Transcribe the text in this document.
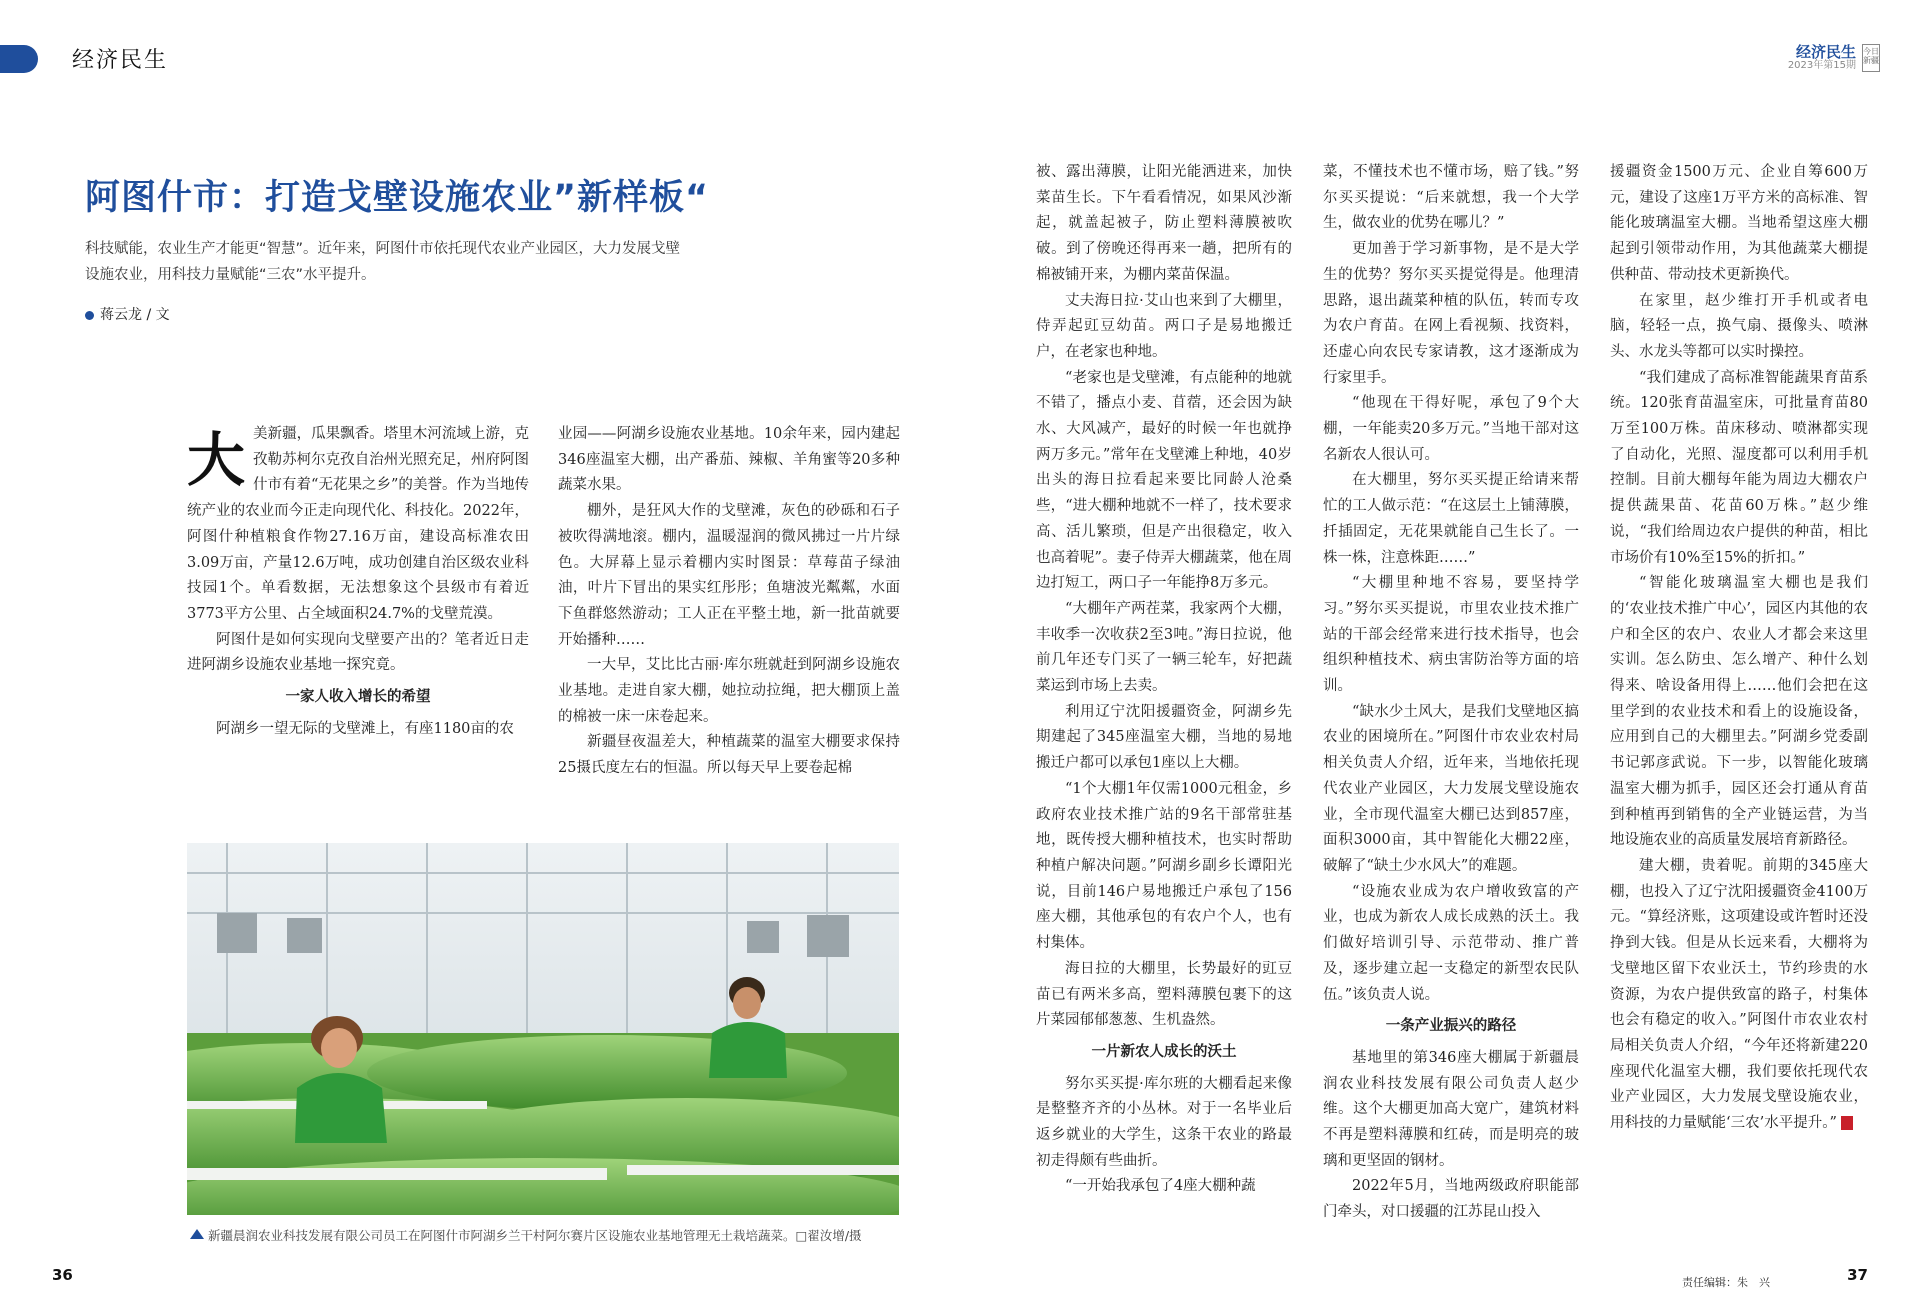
经济民生	经济民生
2023年第15期
今日新疆
阿图什市：打造戈壁设施农业”新样板“
科技赋能，农业生产才能更“智慧”。近年来，阿图什市依托现代农业产业园区，大力发展戈壁设施农业，用科技力量赋能“三农”水平提升。
蒋云龙 / 文

大美新疆，瓜果飘香。塔里木河流域上游，克孜勒苏柯尔克孜自治州光照充足，州府阿图什市有着“无花果之乡”的美誉。作为当地传统产业的农业而今正走向现代化、科技化。2022年，阿图什种植粮食作物27.16万亩，建设高标准农田3.09万亩，产量12.6万吨，成功创建自治区级农业科技园1个。单看数据，无法想象这个县级市有着近3773平方公里、占全域面积24.7%的戈壁荒漠。

阿图什是如何实现向戈壁要产出的？笔者近日走进阿湖乡设施农业基地一探究竟。

一家人收入增长的希望

阿湖乡一望无际的戈壁滩上，有座1180亩的农

业园——阿湖乡设施农业基地。10余年来，园内建起346座温室大棚，出产番茄、辣椒、羊角蜜等20多种蔬菜水果。

棚外，是狂风大作的戈壁滩，灰色的砂砾和石子被吹得满地滚。棚内，温暖湿润的微风拂过一片片绿色。大屏幕上显示着棚内实时图景：草莓苗子绿油油，叶片下冒出的果实红彤彤；鱼塘波光粼粼，水面下鱼群悠然游动；工人正在平整土地，新一批苗就要开始播种……

一大早，艾比比古丽·库尔班就赶到阿湖乡设施农业基地。走进自家大棚，她拉动拉绳，把大棚顶上盖的棉被一床一床卷起来。

新疆昼夜温差大，种植蔬菜的温室大棚要求保持25摄氏度左右的恒温。所以每天早上要卷起棉

新疆晨润农业科技发展有限公司员工在阿图什市阿湖乡兰干村阿尔赛片区设施农业基地管理无土栽培蔬菜。□翟汝增/摄

被、露出薄膜，让阳光能洒进来，加快菜苗生长。下午看看情况，如果风沙渐起，就盖起被子，防止塑料薄膜被吹破。到了傍晚还得再来一趟，把所有的棉被铺开来，为棚内菜苗保温。

丈夫海日拉·艾山也来到了大棚里，侍弄起豇豆幼苗。两口子是易地搬迁户，在老家也种地。

“老家也是戈壁滩，有点能种的地就不错了，播点小麦、苜蓿，还会因为缺水、大风减产，最好的时候一年也就挣两万多元。”常年在戈壁滩上种地，40岁出头的海日拉看起来要比同龄人沧桑些，“进大棚种地就不一样了，技术要求高、活儿繁琐，但是产出很稳定，收入也高着呢”。妻子侍弄大棚蔬菜，他在周边打短工，两口子一年能挣8万多元。

“大棚年产两茬菜，我家两个大棚，丰收季一次收获2至3吨。”海日拉说，他前几年还专门买了一辆三轮车，好把蔬菜运到市场上去卖。

利用辽宁沈阳援疆资金，阿湖乡先期建起了345座温室大棚，当地的易地搬迁户都可以承包1座以上大棚。

“1个大棚1年仅需1000元租金，乡政府农业技术推广站的9名干部常驻基地，既传授大棚种植技术，也实时帮助种植户解决问题。”阿湖乡副乡长谭阳光说，目前146户易地搬迁户承包了156座大棚，其他承包的有农户个人，也有村集体。

海日拉的大棚里，长势最好的豇豆苗已有两米多高，塑料薄膜包裹下的这片菜园郁郁葱葱、生机盎然。

一片新农人成长的沃土

努尔买买提·库尔班的大棚看起来像是整整齐齐的小丛林。对于一名毕业后返乡就业的大学生，这条干农业的路最初走得颇有些曲折。

“一开始我承包了4座大棚种蔬

菜，不懂技术也不懂市场，赔了钱。”努尔买买提说：“后来就想，我一个大学生，做农业的优势在哪儿？”

更加善于学习新事物，是不是大学生的优势？努尔买买提觉得是。他理清思路，退出蔬菜种植的队伍，转而专攻为农户育苗。在网上看视频、找资料，还虚心向农民专家请教，这才逐渐成为行家里手。

“他现在干得好呢，承包了9个大棚，一年能卖20多万元。”当地干部对这名新农人很认可。

在大棚里，努尔买买提正给请来帮忙的工人做示范：“在这层土上铺薄膜，扦插固定，无花果就能自己生长了。一株一株，注意株距……”

“大棚里种地不容易，要坚持学习。”努尔买买提说，市里农业技术推广站的干部会经常来进行技术指导，也会组织种植技术、病虫害防治等方面的培训。

“缺水少土风大，是我们戈壁地区搞农业的困境所在。”阿图什市农业农村局相关负责人介绍，近年来，当地依托现代农业产业园区，大力发展戈壁设施农业，全市现代温室大棚已达到857座，面积3000亩，其中智能化大棚22座，破解了“缺土少水风大”的难题。

“设施农业成为农户增收致富的产业，也成为新农人成长成熟的沃土。我们做好培训引导、示范带动、推广普及，逐步建立起一支稳定的新型农民队伍。”该负责人说。

一条产业振兴的路径

基地里的第346座大棚属于新疆晨润农业科技发展有限公司负责人赵少维。这个大棚更加高大宽广，建筑材料不再是塑料薄膜和红砖，而是明亮的玻璃和更坚固的钢材。

2022年5月，当地两级政府职能部门牵头，对口援疆的江苏昆山投入

援疆资金1500万元、企业自筹600万元，建设了这座1万平方米的高标准、智能化玻璃温室大棚。当地希望这座大棚起到引领带动作用，为其他蔬菜大棚提供种苗、带动技术更新换代。

在家里，赵少维打开手机或者电脑，轻轻一点，换气扇、摄像头、喷淋头、水龙头等都可以实时操控。

“我们建成了高标准智能蔬果育苗系统。120张育苗温室床，可批量育苗80万至100万株。苗床移动、喷淋都实现了自动化，光照、湿度都可以利用手机控制。目前大棚每年能为周边大棚农户提供蔬果苗、花苗60万株。”赵少维说，“我们给周边农户提供的种苗，相比市场价有10%至15%的折扣。”

“智能化玻璃温室大棚也是我们的‘农业技术推广中心’，园区内其他的农户和全区的农户、农业人才都会来这里实训。怎么防虫、怎么增产、种什么划得来、啥设备用得上……他们会把在这里学到的农业技术和看上的设施设备，应用到自己的大棚里去。”阿湖乡党委副书记郭彦武说。下一步，以智能化玻璃温室大棚为抓手，园区还会打通从育苗到种植再到销售的全产业链运营，为当地设施农业的高质量发展培育新路径。

建大棚，贵着呢。前期的345座大棚，也投入了辽宁沈阳援疆资金4100万元。“算经济账，这项建设或许暂时还没挣到大钱。但是从长远来看，大棚将为戈壁地区留下农业沃土，节约珍贵的水资源，为农户提供致富的路子，村集体也会有稳定的收入。”阿图什市农业农村局相关负责人介绍，“今年还将新建220座现代化温室大棚，我们要依托现代农业产业园区，大力发展戈壁设施农业，用科技的力量赋能‘三农’水平提升。”

36	37
责任编辑：朱　兴
